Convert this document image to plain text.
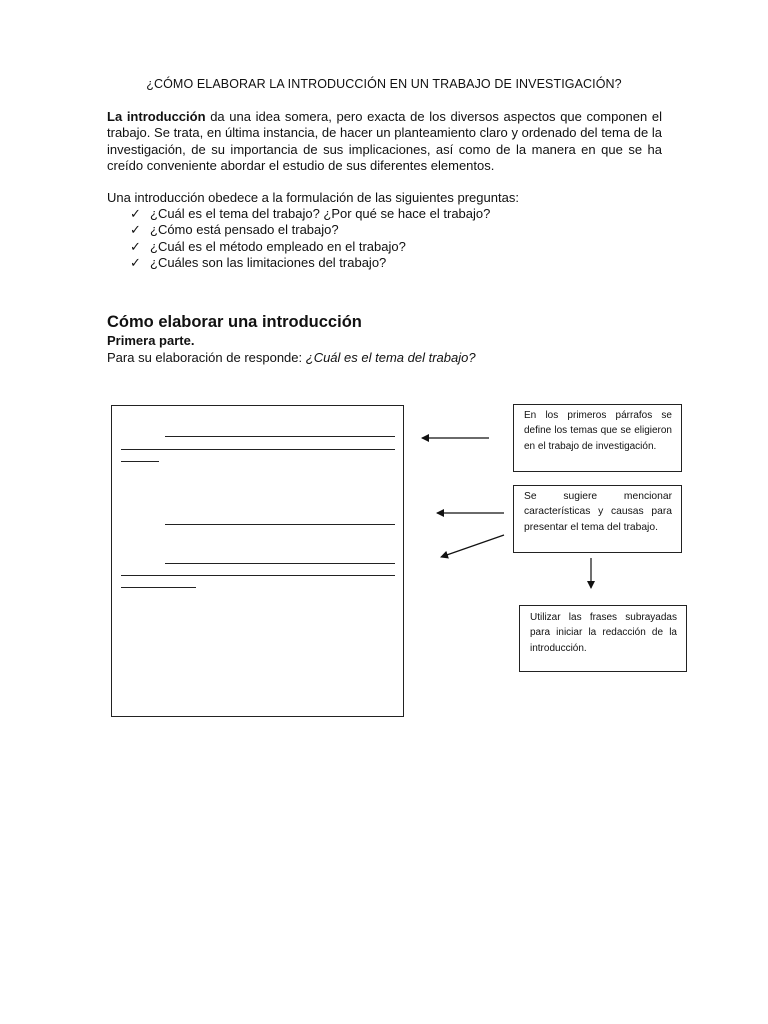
¿CÓMO ELABORAR LA INTRODUCCIÓN EN UN TRABAJO DE INVESTIGACIÓN?
La introducción da una idea somera, pero exacta de los diversos aspectos que componen el trabajo. Se trata, en última instancia, de hacer un planteamiento claro y ordenado del tema de la investigación, de su importancia de sus implicaciones, así como de la manera en que se ha creído conveniente abordar el estudio de sus diferentes elementos.
Una introducción obedece a la formulación de las siguientes preguntas:
✓ ¿Cuál es el tema del trabajo? ¿Por qué se hace el trabajo?
✓ ¿Cómo está pensado el trabajo?
✓ ¿Cuál es el método empleado en el trabajo?
✓ ¿Cuáles son las limitaciones del trabajo?
Cómo elaborar una introducción
Primera parte.
Para su elaboración de responde: ¿Cuál es el tema del trabajo?
En los primeros párrafos se define los temas que se eligieron en el trabajo de investigación.
Se sugiere mencionar características y causas para presentar el tema del trabajo.
Utilizar las frases subrayadas para iniciar la redacción de la introducción.
